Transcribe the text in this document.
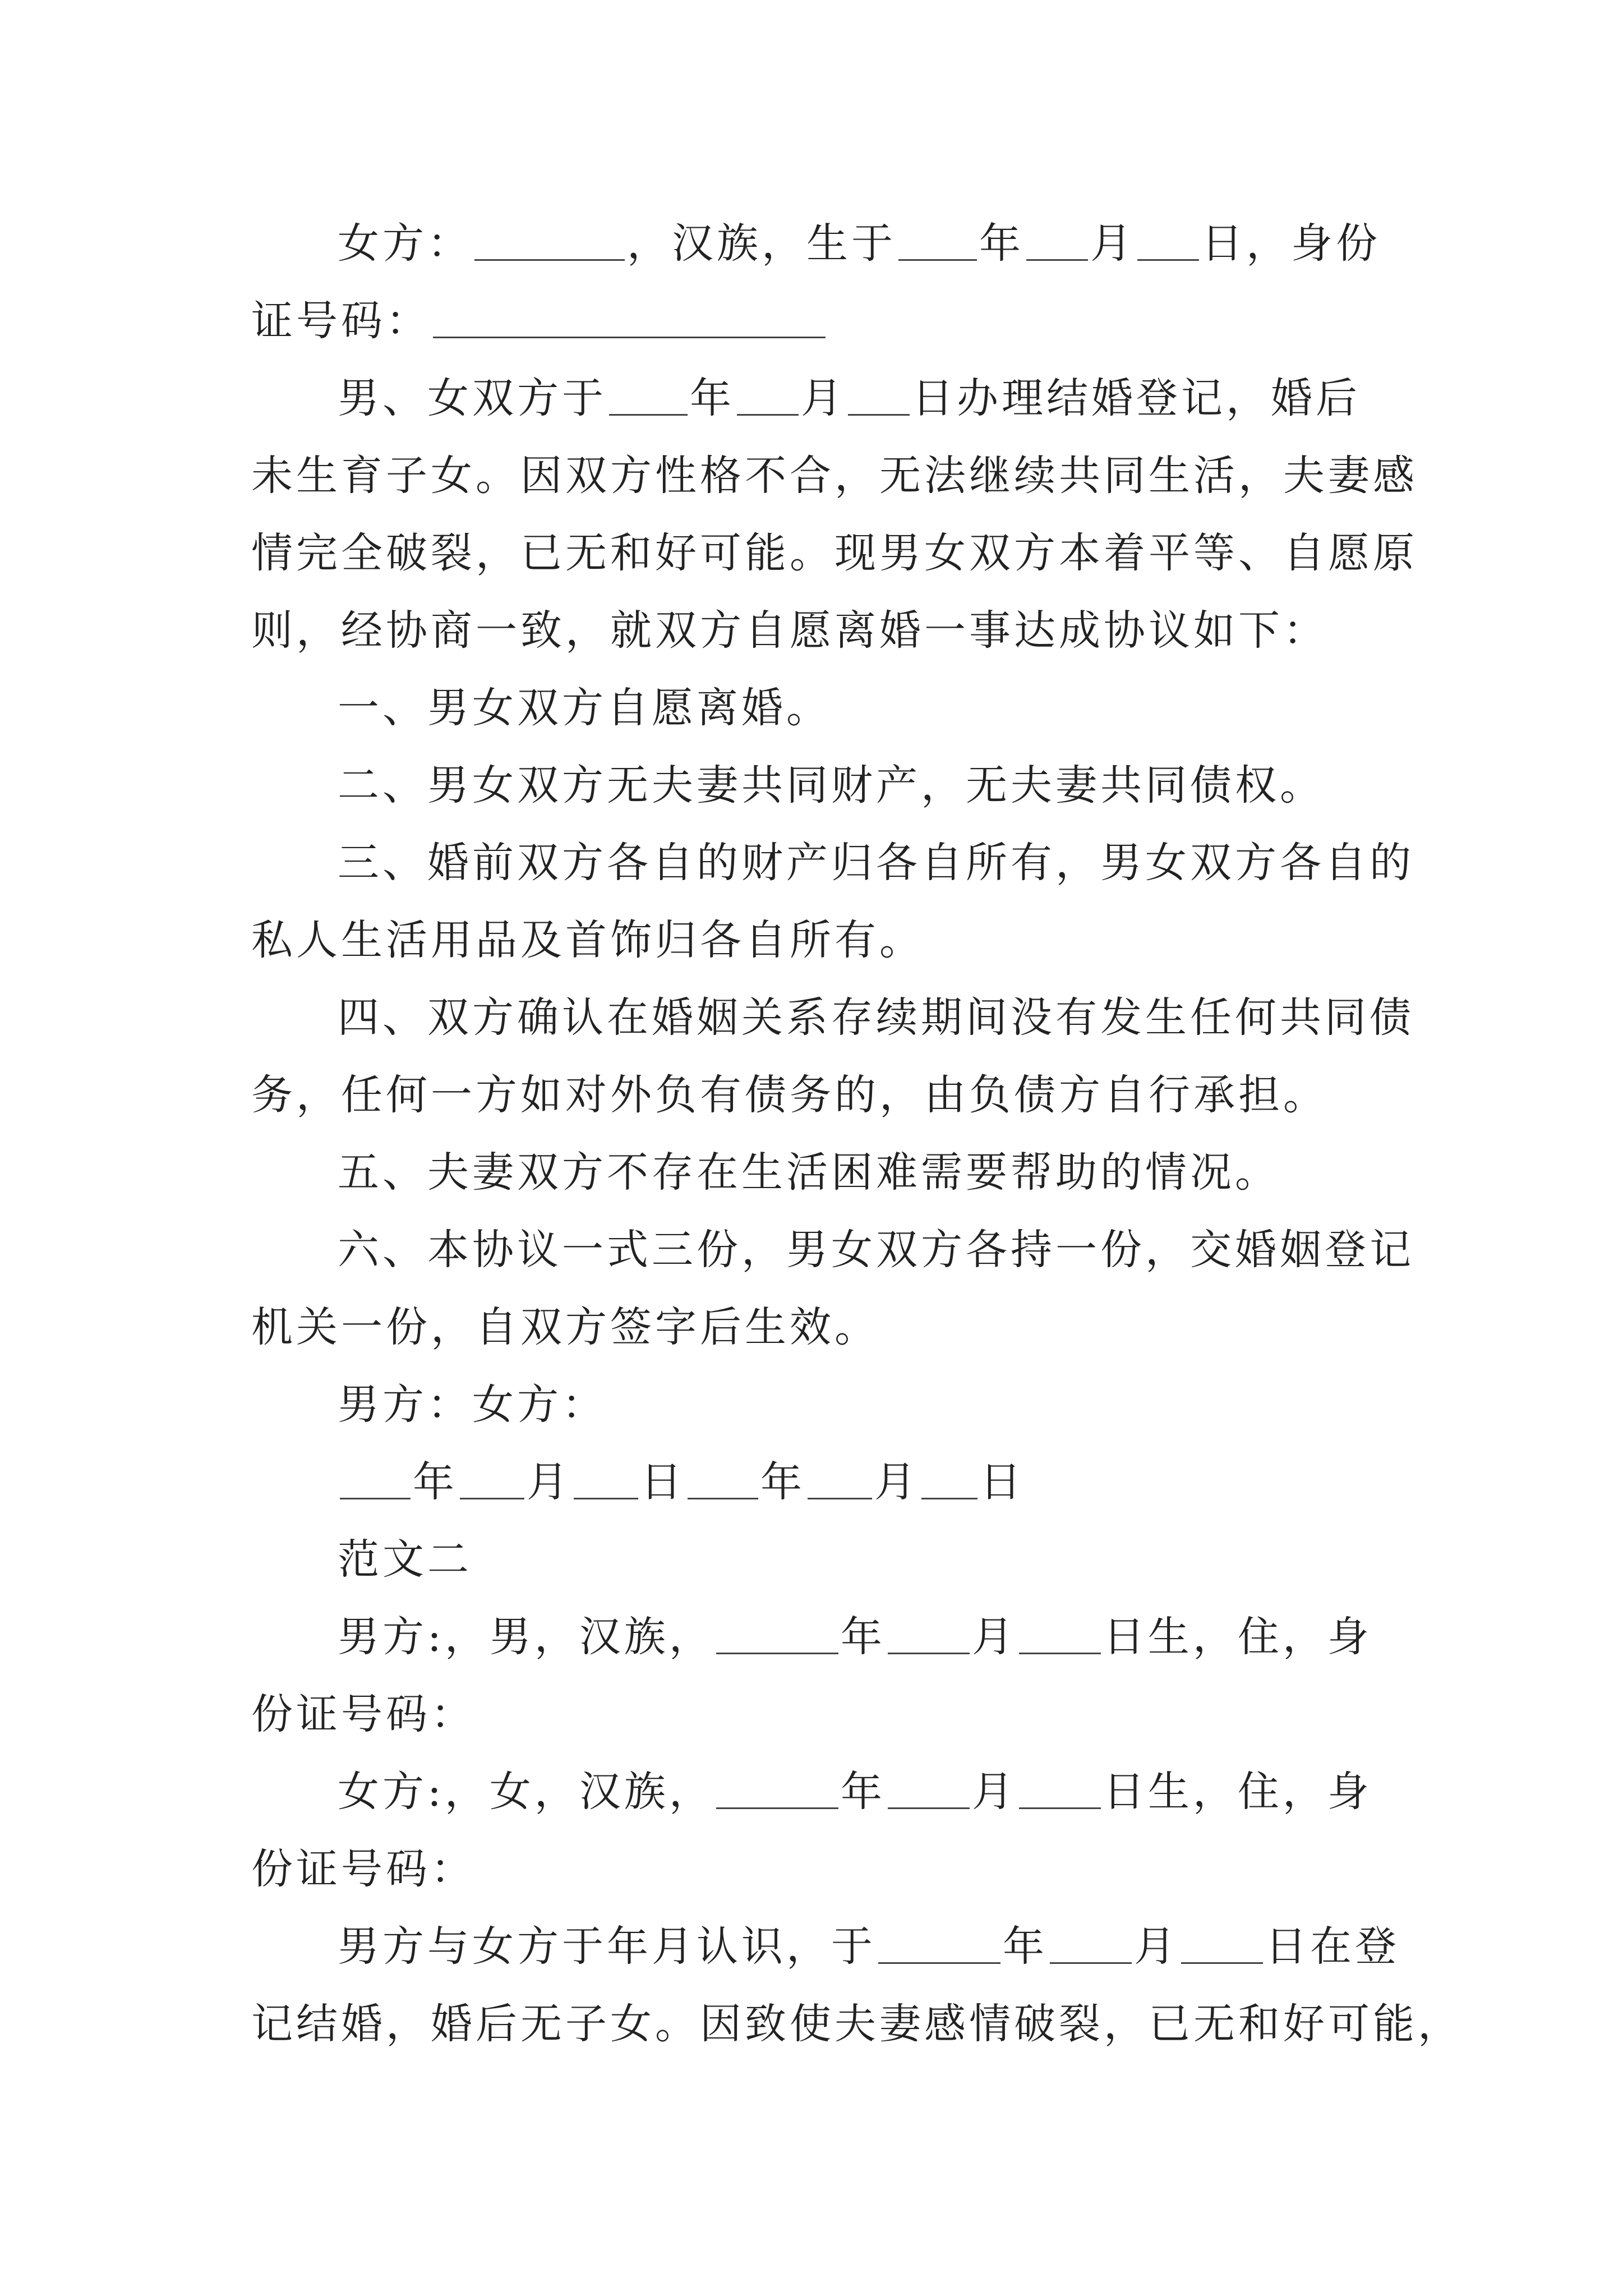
女方：	，汉族，生于 年 月 日，身份
证号码：
男、女双方于 年 月 日办理结婚登记，婚后
未生育子女。因双方性格不合，无法继续共同生活，夫妻感
情完全破裂，已无和好可能。现男女双方本着平等、自愿原
则，经协商一致，就双方自愿离婚一事达成协议如下：
一、男女双方自愿离婚。
二、男女双方无夫妻共同财产，无夫妻共同债权。
三、婚前双方各自的财产归各自所有，男女双方各自的
私人生活用品及首饰归各自所有。
四、双方确认在婚姻关系存续期间没有发生任何共同债
务，任何一方如对外负有债务的，由负债方自行承担。
五、夫妻双方不存在生活困难需要帮助的情况。
六、本协议一式三份，男女双方各持一份，交婚姻登记
机关一份，自双方签字后生效。
男方：女方：
年 月 日 年 月 日
范文二
男方:，男，汉族，	年 月 日生，住，身
份证号码：
女方:，女，汉族，	年 月 日生，住，身
份证号码：
男方与女方于年月认识，于	年 月 日在登
记结婚，婚后无子女。因致使夫妻感情破裂，已无和好可能，
